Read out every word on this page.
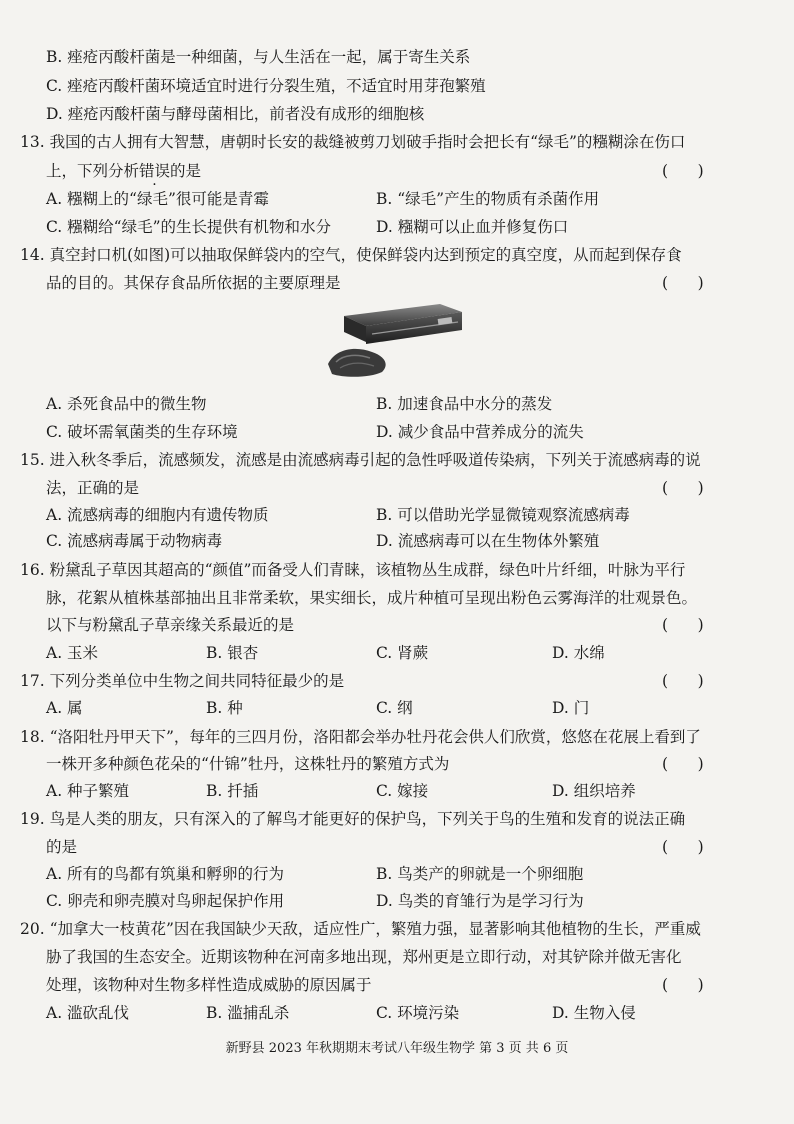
B. 痤疮丙酸杆菌是一种细菌，与人生活在一起，属于寄生关系
C. 痤疮丙酸杆菌环境适宜时进行分裂生殖，不适宜时用芽孢繁殖
D. 痤疮丙酸杆菌与酵母菌相比，前者没有成形的细胞核
13. 我国的古人拥有大智慧，唐朝时长安的裁缝被剪刀划破手指时会把长有“绿毛”的糨糊涂在伤口
上，下列分析错误的是	(      )
A. 糨糊上的“绿毛”很可能是青霉	B. “绿毛”产生的物质有杀菌作用
C. 糨糊给“绿毛”的生长提供有机物和水分	D. 糨糊可以止血并修复伤口
14. 真空封口机(如图)可以抽取保鲜袋内的空气，使保鲜袋内达到预定的真空度，从而起到保存食
品的目的。其保存食品所依据的主要原理是	(      )
A. 杀死食品中的微生物	B. 加速食品中水分的蒸发
C. 破坏需氧菌类的生存环境	D. 减少食品中营养成分的流失
15. 进入秋冬季后，流感频发，流感是由流感病毒引起的急性呼吸道传染病，下列关于流感病毒的说
法，正确的是	(      )
A. 流感病毒的细胞内有遗传物质	B. 可以借助光学显微镜观察流感病毒
C. 流感病毒属于动物病毒	D. 流感病毒可以在生物体外繁殖
16. 粉黛乱子草因其超高的“颜值”而备受人们青睐，该植物丛生成群，绿色叶片纤细，叶脉为平行
脉，花絮从植株基部抽出且非常柔软，果实细长，成片种植可呈现出粉色云雾海洋的壮观景色。
以下与粉黛乱子草亲缘关系最近的是	(      )
A. 玉米	B. 银杏	C. 肾蕨	D. 水绵
17. 下列分类单位中生物之间共同特征最少的是	(      )
A. 属	B. 种	C. 纲	D. 门
18. “洛阳牡丹甲天下”，每年的三四月份，洛阳都会举办牡丹花会供人们欣赏，悠悠在花展上看到了
一株开多种颜色花朵的“什锦”牡丹，这株牡丹的繁殖方式为	(      )
A. 种子繁殖	B. 扦插	C. 嫁接	D. 组织培养
19. 鸟是人类的朋友，只有深入的了解鸟才能更好的保护鸟，下列关于鸟的生殖和发育的说法正确
的是	(      )
A. 所有的鸟都有筑巢和孵卵的行为	B. 鸟类产的卵就是一个卵细胞
C. 卵壳和卵壳膜对鸟卵起保护作用	D. 鸟类的育雏行为是学习行为
20. “加拿大一枝黄花”因在我国缺少天敌，适应性广，繁殖力强，显著影响其他植物的生长，严重威
胁了我国的生态安全。近期该物种在河南多地出现，郑州更是立即行动，对其铲除并做无害化
处理，该物种对生物多样性造成威胁的原因属于	(      )
A. 滥砍乱伐	B. 滥捕乱杀	C. 环境污染	D. 生物入侵
新野县 2023 年秋期期末考试八年级生物学 第 3 页 共 6 页
